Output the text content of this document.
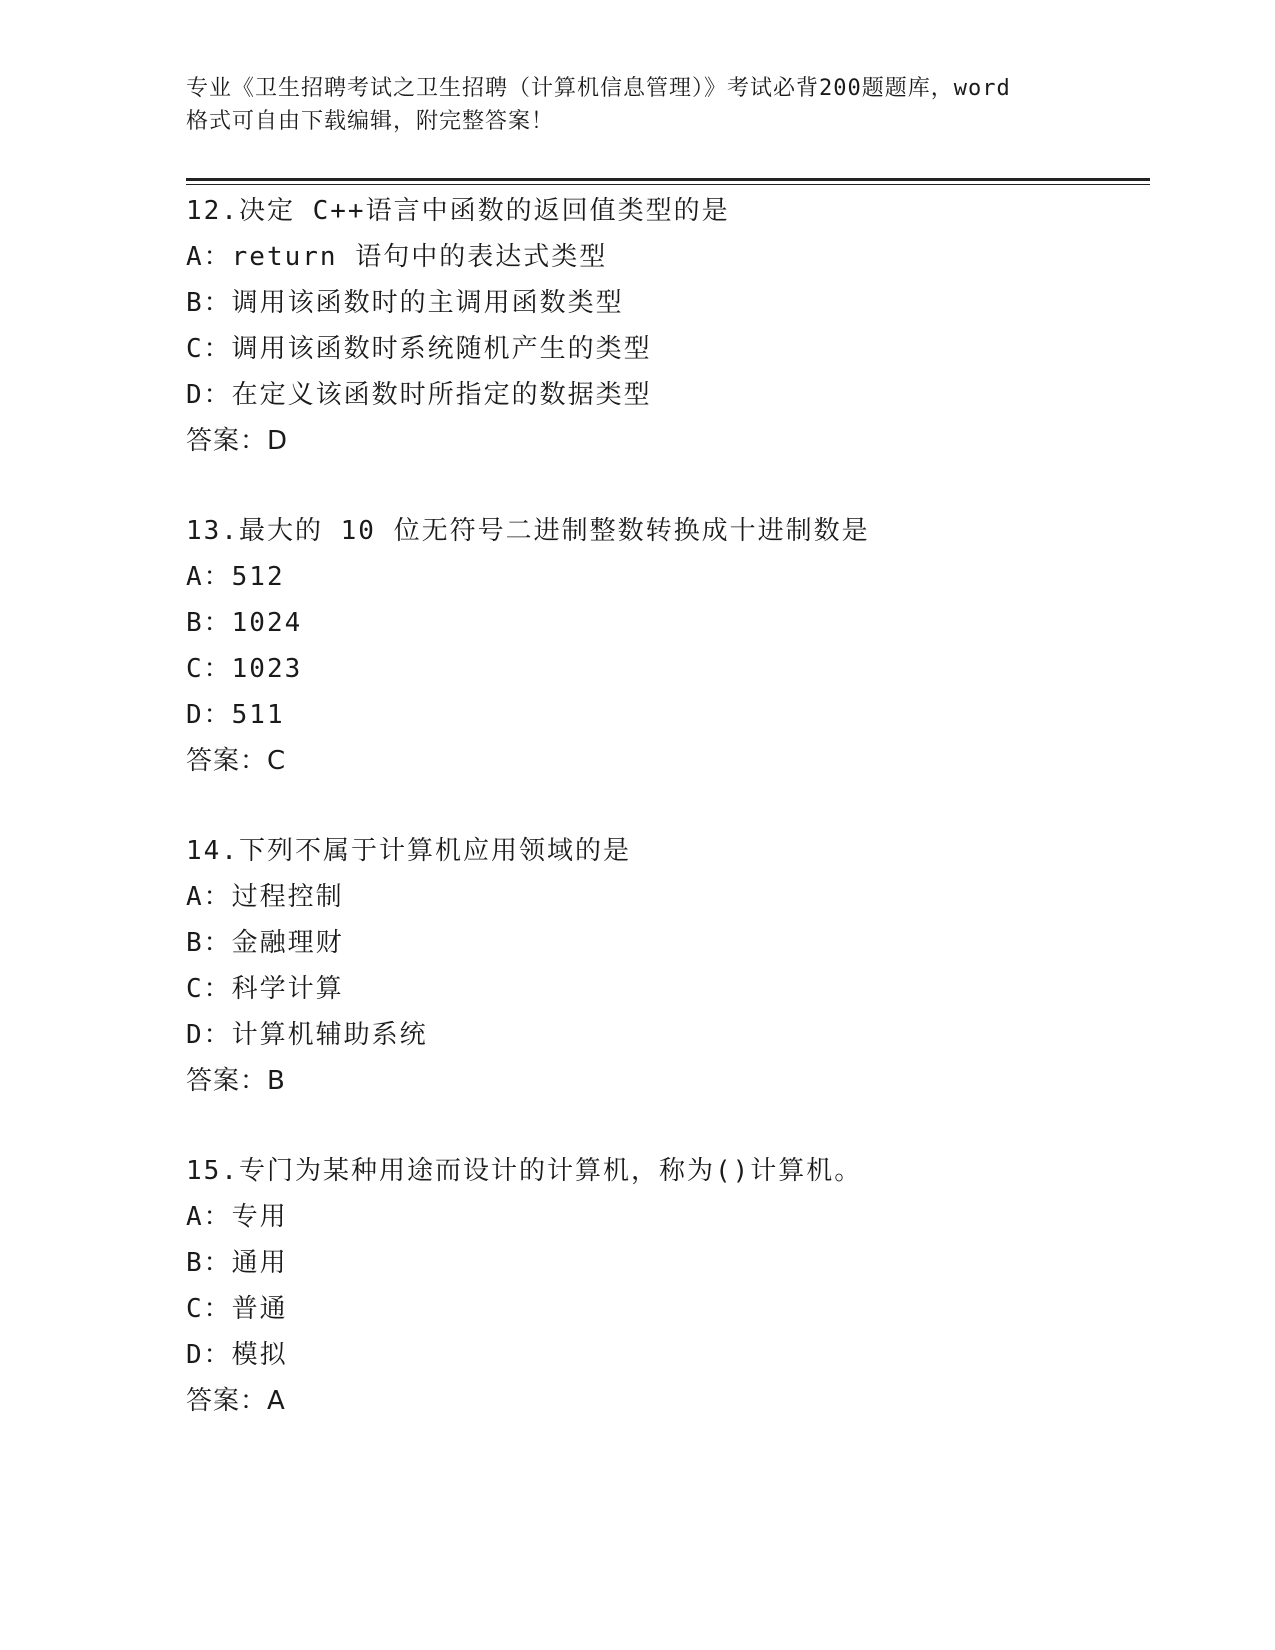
专业《卫生招聘考试之卫生招聘（计算机信息管理）》考试必背200题题库，word
格式可自由下载编辑，附完整答案！
12.决定 C++语言中函数的返回值类型的是
A：return 语句中的表达式类型
B：调用该函数时的主调用函数类型
C：调用该函数时系统随机产生的类型
D：在定义该函数时所指定的数据类型
答案：D
13.最大的 10 位无符号二进制整数转换成十进制数是
A：512
B：1024
C：1023
D：511
答案：C
14.下列不属于计算机应用领域的是
A：过程控制
B：金融理财
C：科学计算
D：计算机辅助系统
答案：B
15.专门为某种用途而设计的计算机，称为()计算机。
A：专用
B：通用
C：普通
D：模拟
答案：A
